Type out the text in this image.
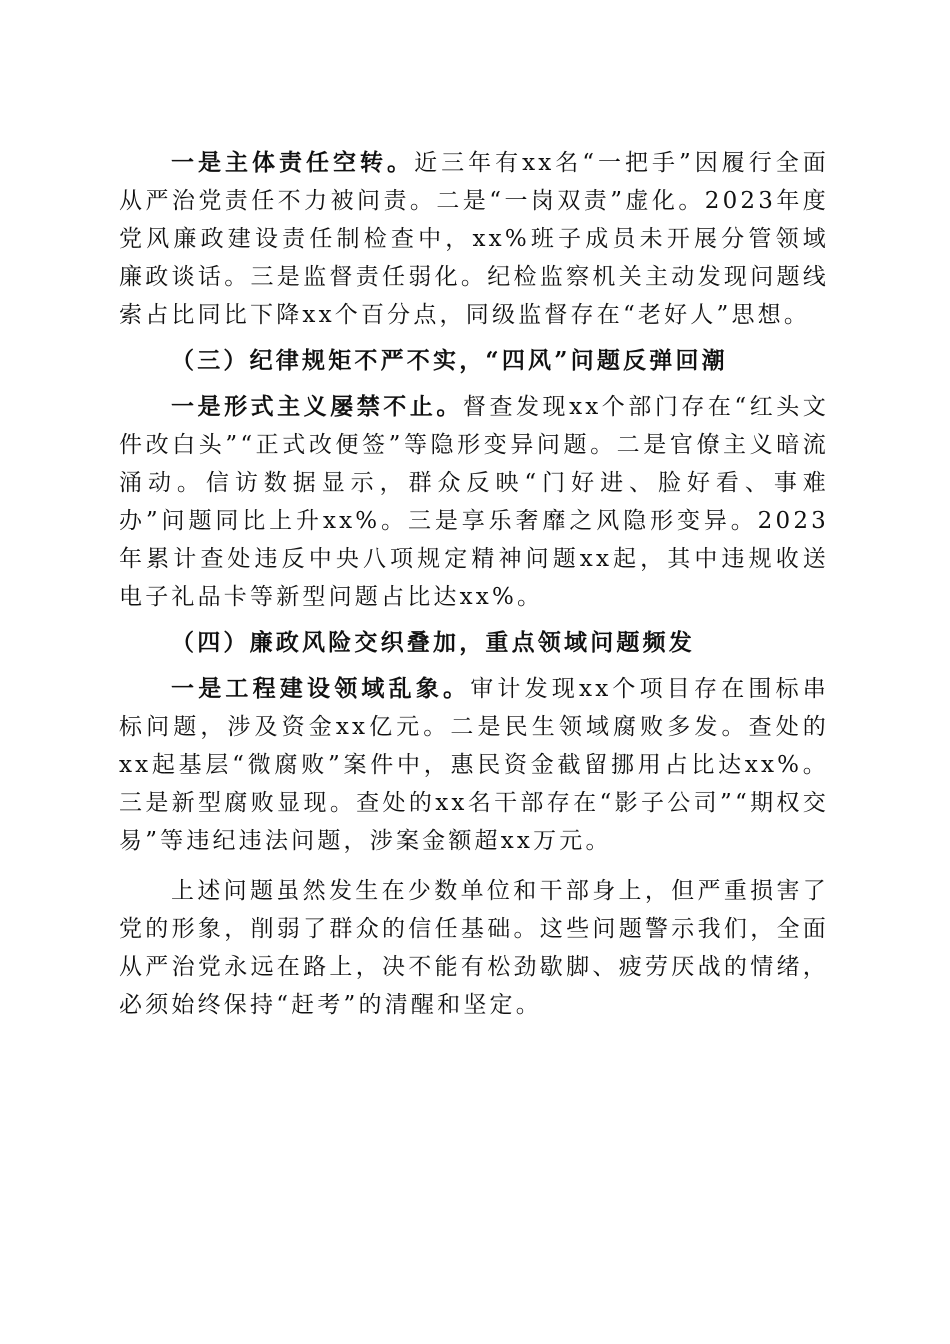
一是主体责任空转。近三年有xx名“一把手”因履行全面从严治党责任不力被问责。二是“一岗双责”虚化。2023年度党风廉政建设责任制检查中，xx%班子成员未开展分管领域廉政谈话。三是监督责任弱化。纪检监察机关主动发现问题线索占比同比下降xx个百分点，同级监督存在“老好人”思想。

（三）纪律规矩不严不实，“四风”问题反弹回潮

一是形式主义屡禁不止。督查发现xx个部门存在“红头文件改白头”“正式改便签”等隐形变异问题。二是官僚主义暗流涌动。信访数据显示，群众反映“门好进、脸好看、事难办”问题同比上升xx%。三是享乐奢靡之风隐形变异。2023年累计查处违反中央八项规定精神问题xx起，其中违规收送电子礼品卡等新型问题占比达xx%。

（四）廉政风险交织叠加，重点领域问题频发

一是工程建设领域乱象。审计发现xx个项目存在围标串标问题，涉及资金xx亿元。二是民生领域腐败多发。查处的xx起基层“微腐败”案件中，惠民资金截留挪用占比达xx%。三是新型腐败显现。查处的xx名干部存在“影子公司”“期权交易”等违纪违法问题，涉案金额超xx万元。

上述问题虽然发生在少数单位和干部身上，但严重损害了党的形象，削弱了群众的信任基础。这些问题警示我们，全面从严治党永远在路上，决不能有松劲歇脚、疲劳厌战的情绪，必须始终保持“赶考”的清醒和坚定。
